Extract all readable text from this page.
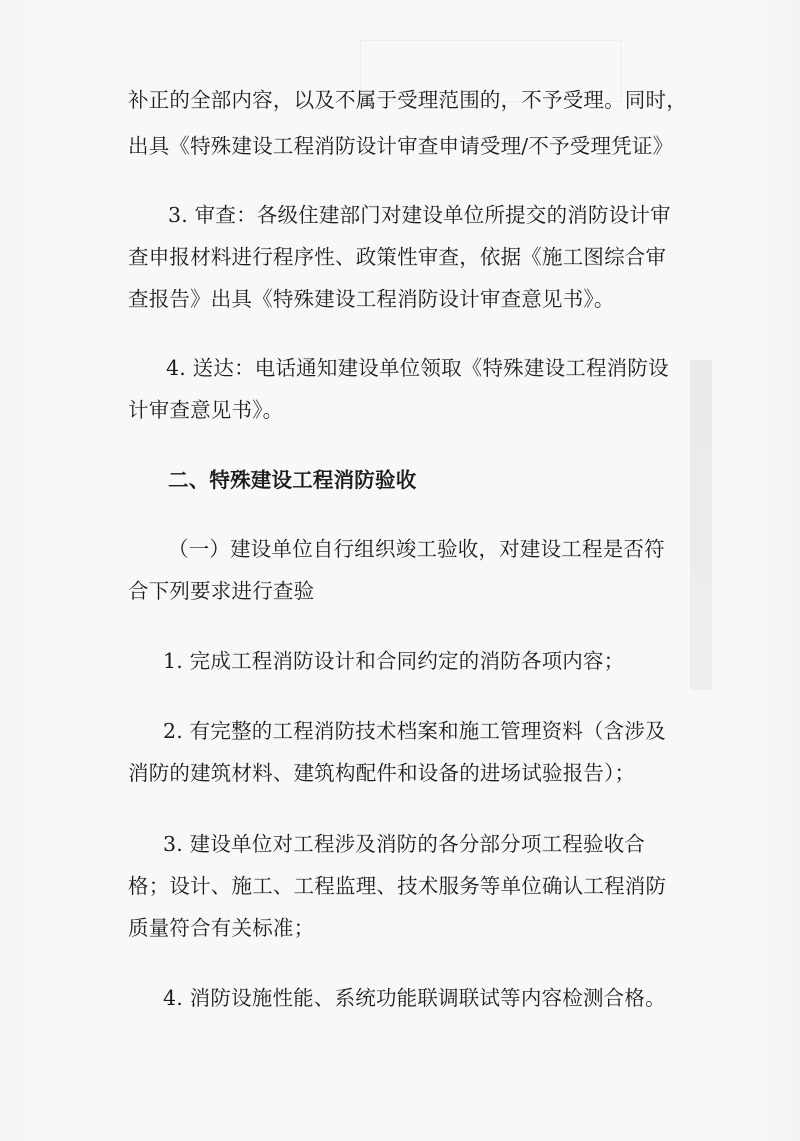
补正的全部内容，以及不属于受理范围的，不予受理。同时，
出具《特殊建设工程消防设计审查申请受理/不予受理凭证》
3. 审查：各级住建部门对建设单位所提交的消防设计审
查申报材料进行程序性、政策性审查，依据《施工图综合审
查报告》出具《特殊建设工程消防设计审查意见书》。
4. 送达：电话通知建设单位领取《特殊建设工程消防设
计审查意见书》。
二、特殊建设工程消防验收
（一）建设单位自行组织竣工验收，对建设工程是否符
合下列要求进行查验
1. 完成工程消防设计和合同约定的消防各项内容；
2. 有完整的工程消防技术档案和施工管理资料（含涉及
消防的建筑材料、建筑构配件和设备的进场试验报告）；
3. 建设单位对工程涉及消防的各分部分项工程验收合
格；设计、施工、工程监理、技术服务等单位确认工程消防
质量符合有关标准；
4. 消防设施性能、系统功能联调联试等内容检测合格。
